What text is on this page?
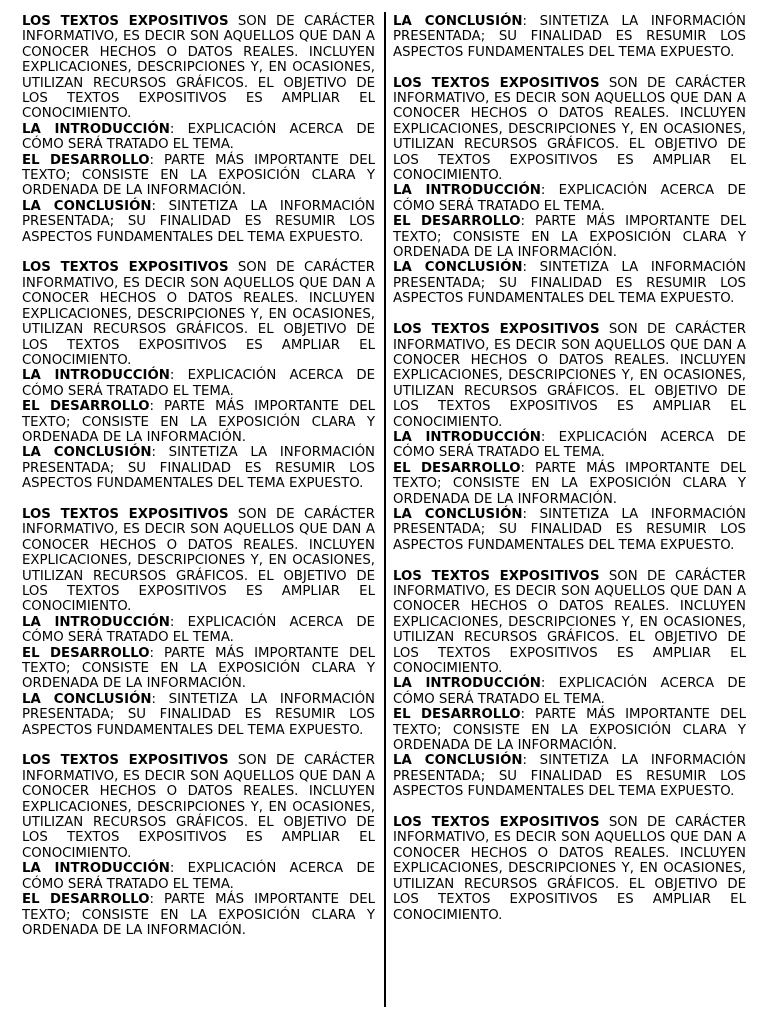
LOS TEXTOS EXPOSITIVOS SON DE CARÁCTER INFORMATIVO, ES DECIR SON AQUELLOS QUE DAN A CONOCER HECHOS O DATOS REALES. INCLUYEN EXPLICACIONES, DESCRIPCIONES Y, EN OCASIONES, UTILIZAN RECURSOS GRÁFICOS. EL OBJETIVO DE LOS TEXTOS EXPOSITIVOS ES AMPLIAR EL CONOCIMIENTO.

LA INTRODUCCIÓN: EXPLICACIÓN ACERCA DE CÓMO SERÁ TRATADO EL TEMA.

EL DESARROLLO: PARTE MÁS IMPORTANTE DEL TEXTO; CONSISTE EN LA EXPOSICIÓN CLARA Y ORDENADA DE LA INFORMACIÓN.

LA CONCLUSIÓN: SINTETIZA LA INFORMACIÓN PRESENTADA; SU FINALIDAD ES RESUMIR LOS ASPECTOS FUNDAMENTALES DEL TEMA EXPUESTO.

LOS TEXTOS EXPOSITIVOS SON DE CARÁCTER INFORMATIVO, ES DECIR SON AQUELLOS QUE DAN A CONOCER HECHOS O DATOS REALES. INCLUYEN EXPLICACIONES, DESCRIPCIONES Y, EN OCASIONES, UTILIZAN RECURSOS GRÁFICOS. EL OBJETIVO DE LOS TEXTOS EXPOSITIVOS ES AMPLIAR EL CONOCIMIENTO.

LA INTRODUCCIÓN: EXPLICACIÓN ACERCA DE CÓMO SERÁ TRATADO EL TEMA.

EL DESARROLLO: PARTE MÁS IMPORTANTE DEL TEXTO; CONSISTE EN LA EXPOSICIÓN CLARA Y ORDENADA DE LA INFORMACIÓN.

LA CONCLUSIÓN: SINTETIZA LA INFORMACIÓN PRESENTADA; SU FINALIDAD ES RESUMIR LOS ASPECTOS FUNDAMENTALES DEL TEMA EXPUESTO.

LOS TEXTOS EXPOSITIVOS SON DE CARÁCTER INFORMATIVO, ES DECIR SON AQUELLOS QUE DAN A CONOCER HECHOS O DATOS REALES. INCLUYEN EXPLICACIONES, DESCRIPCIONES Y, EN OCASIONES, UTILIZAN RECURSOS GRÁFICOS. EL OBJETIVO DE LOS TEXTOS EXPOSITIVOS ES AMPLIAR EL CONOCIMIENTO.

LA INTRODUCCIÓN: EXPLICACIÓN ACERCA DE CÓMO SERÁ TRATADO EL TEMA.

EL DESARROLLO: PARTE MÁS IMPORTANTE DEL TEXTO; CONSISTE EN LA EXPOSICIÓN CLARA Y ORDENADA DE LA INFORMACIÓN.

LA CONCLUSIÓN: SINTETIZA LA INFORMACIÓN PRESENTADA; SU FINALIDAD ES RESUMIR LOS ASPECTOS FUNDAMENTALES DEL TEMA EXPUESTO.

LOS TEXTOS EXPOSITIVOS SON DE CARÁCTER INFORMATIVO, ES DECIR SON AQUELLOS QUE DAN A CONOCER HECHOS O DATOS REALES. INCLUYEN EXPLICACIONES, DESCRIPCIONES Y, EN OCASIONES, UTILIZAN RECURSOS GRÁFICOS. EL OBJETIVO DE LOS TEXTOS EXPOSITIVOS ES AMPLIAR EL CONOCIMIENTO.

LA INTRODUCCIÓN: EXPLICACIÓN ACERCA DE CÓMO SERÁ TRATADO EL TEMA.

EL DESARROLLO: PARTE MÁS IMPORTANTE DEL TEXTO; CONSISTE EN LA EXPOSICIÓN CLARA Y ORDENADA DE LA INFORMACIÓN.

LA CONCLUSIÓN: SINTETIZA LA INFORMACIÓN PRESENTADA; SU FINALIDAD ES RESUMIR LOS ASPECTOS FUNDAMENTALES DEL TEMA EXPUESTO.

LOS TEXTOS EXPOSITIVOS SON DE CARÁCTER INFORMATIVO, ES DECIR SON AQUELLOS QUE DAN A CONOCER HECHOS O DATOS REALES. INCLUYEN EXPLICACIONES, DESCRIPCIONES Y, EN OCASIONES, UTILIZAN RECURSOS GRÁFICOS. EL OBJETIVO DE LOS TEXTOS EXPOSITIVOS ES AMPLIAR EL CONOCIMIENTO.

LA INTRODUCCIÓN: EXPLICACIÓN ACERCA DE CÓMO SERÁ TRATADO EL TEMA.

EL DESARROLLO: PARTE MÁS IMPORTANTE DEL TEXTO; CONSISTE EN LA EXPOSICIÓN CLARA Y ORDENADA DE LA INFORMACIÓN.

LA CONCLUSIÓN: SINTETIZA LA INFORMACIÓN PRESENTADA; SU FINALIDAD ES RESUMIR LOS ASPECTOS FUNDAMENTALES DEL TEMA EXPUESTO.

LOS TEXTOS EXPOSITIVOS SON DE CARÁCTER INFORMATIVO, ES DECIR SON AQUELLOS QUE DAN A CONOCER HECHOS O DATOS REALES. INCLUYEN EXPLICACIONES, DESCRIPCIONES Y, EN OCASIONES, UTILIZAN RECURSOS GRÁFICOS. EL OBJETIVO DE LOS TEXTOS EXPOSITIVOS ES AMPLIAR EL CONOCIMIENTO.

LA INTRODUCCIÓN: EXPLICACIÓN ACERCA DE CÓMO SERÁ TRATADO EL TEMA.

EL DESARROLLO: PARTE MÁS IMPORTANTE DEL TEXTO; CONSISTE EN LA EXPOSICIÓN CLARA Y ORDENADA DE LA INFORMACIÓN.

LA CONCLUSIÓN: SINTETIZA LA INFORMACIÓN PRESENTADA; SU FINALIDAD ES RESUMIR LOS ASPECTOS FUNDAMENTALES DEL TEMA EXPUESTO.

LOS TEXTOS EXPOSITIVOS SON DE CARÁCTER INFORMATIVO, ES DECIR SON AQUELLOS QUE DAN A CONOCER HECHOS O DATOS REALES. INCLUYEN EXPLICACIONES, DESCRIPCIONES Y, EN OCASIONES, UTILIZAN RECURSOS GRÁFICOS. EL OBJETIVO DE LOS TEXTOS EXPOSITIVOS ES AMPLIAR EL CONOCIMIENTO.

LA INTRODUCCIÓN: EXPLICACIÓN ACERCA DE CÓMO SERÁ TRATADO EL TEMA.

EL DESARROLLO: PARTE MÁS IMPORTANTE DEL TEXTO; CONSISTE EN LA EXPOSICIÓN CLARA Y ORDENADA DE LA INFORMACIÓN.

LA CONCLUSIÓN: SINTETIZA LA INFORMACIÓN PRESENTADA; SU FINALIDAD ES RESUMIR LOS ASPECTOS FUNDAMENTALES DEL TEMA EXPUESTO.

LOS TEXTOS EXPOSITIVOS SON DE CARÁCTER INFORMATIVO, ES DECIR SON AQUELLOS QUE DAN A CONOCER HECHOS O DATOS REALES. INCLUYEN EXPLICACIONES, DESCRIPCIONES Y, EN OCASIONES, UTILIZAN RECURSOS GRÁFICOS. EL OBJETIVO DE LOS TEXTOS EXPOSITIVOS ES AMPLIAR EL CONOCIMIENTO.
